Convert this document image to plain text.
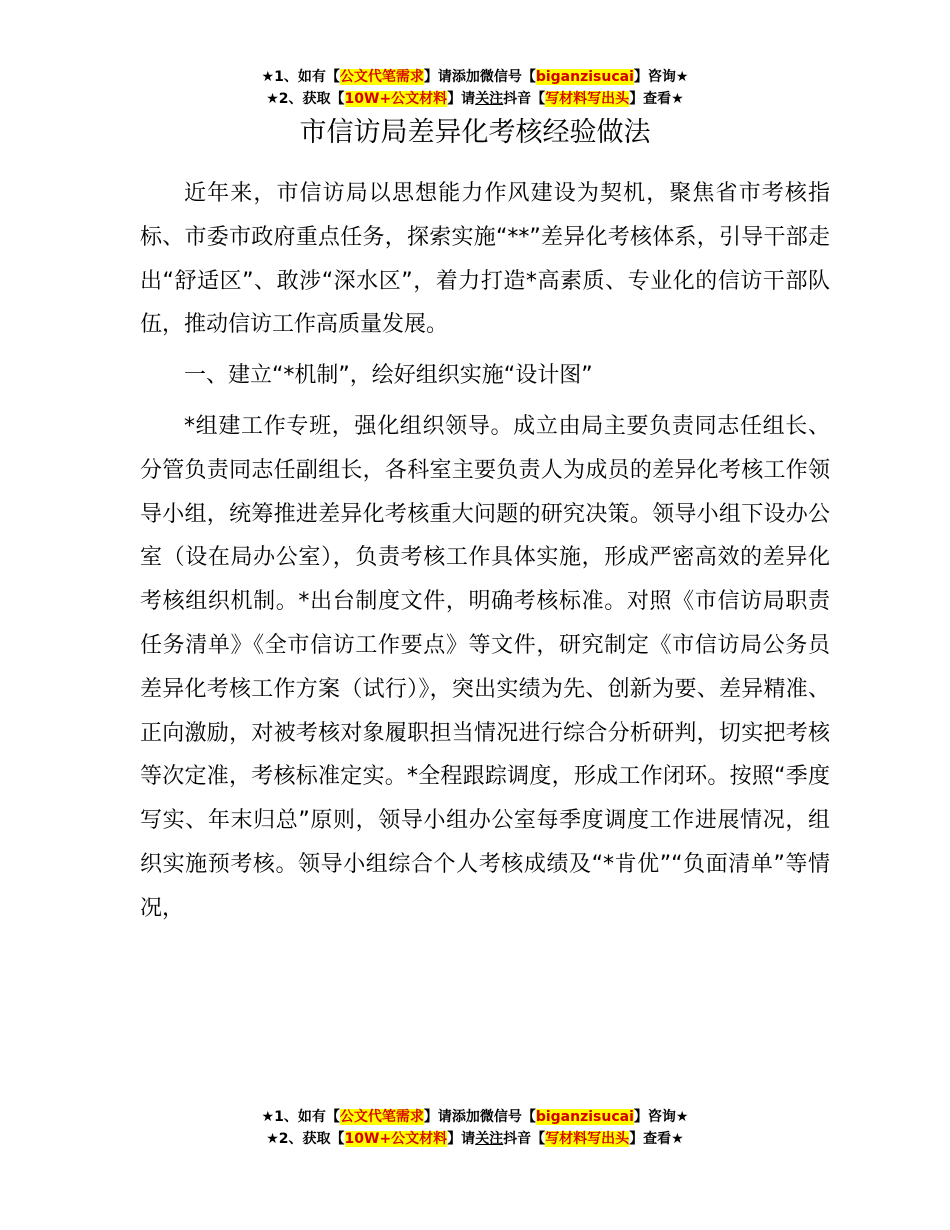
★1、如有【公文代笔需求】请添加微信号【biganzisucai】咨询★
★2、获取【10W+公文材料】请关注抖音【写材料写出头】查看★
市信访局差异化考核经验做法

近年来，市信访局以思想能力作风建设为契机，聚焦省市考核指标、市委市政府重点任务，探索实施“**”差异化考核体系，引导干部走出“舒适区”、敢涉“深水区”，着力打造*高素质、专业化的信访干部队伍，推动信访工作高质量发展。

一、建立“*机制”，绘好组织实施“设计图”

*组建工作专班，强化组织领导。成立由局主要负责同志任组长、分管负责同志任副组长，各科室主要负责人为成员的差异化考核工作领导小组，统筹推进差异化考核重大问题的研究决策。领导小组下设办公室（设在局办公室），负责考核工作具体实施，形成严密高效的差异化考核组织机制。*出台制度文件，明确考核标准。对照《市信访局职责任务清单》《全市信访工作要点》等文件，研究制定《市信访局公务员差异化考核工作方案（试行）》，突出实绩为先、创新为要、差异精准、正向激励，对被考核对象履职担当情况进行综合分析研判，切实把考核等次定准，考核标准定实。*全程跟踪调度，形成工作闭环。按照“季度写实、年末归总”原则，领导小组办公室每季度调度工作进展情况，组织实施预考核。领导小组综合个人考核成绩及“*肯优”“负面清单”等情况，

★1、如有【公文代笔需求】请添加微信号【biganzisucai】咨询★
★2、获取【10W+公文材料】请关注抖音【写材料写出头】查看★
